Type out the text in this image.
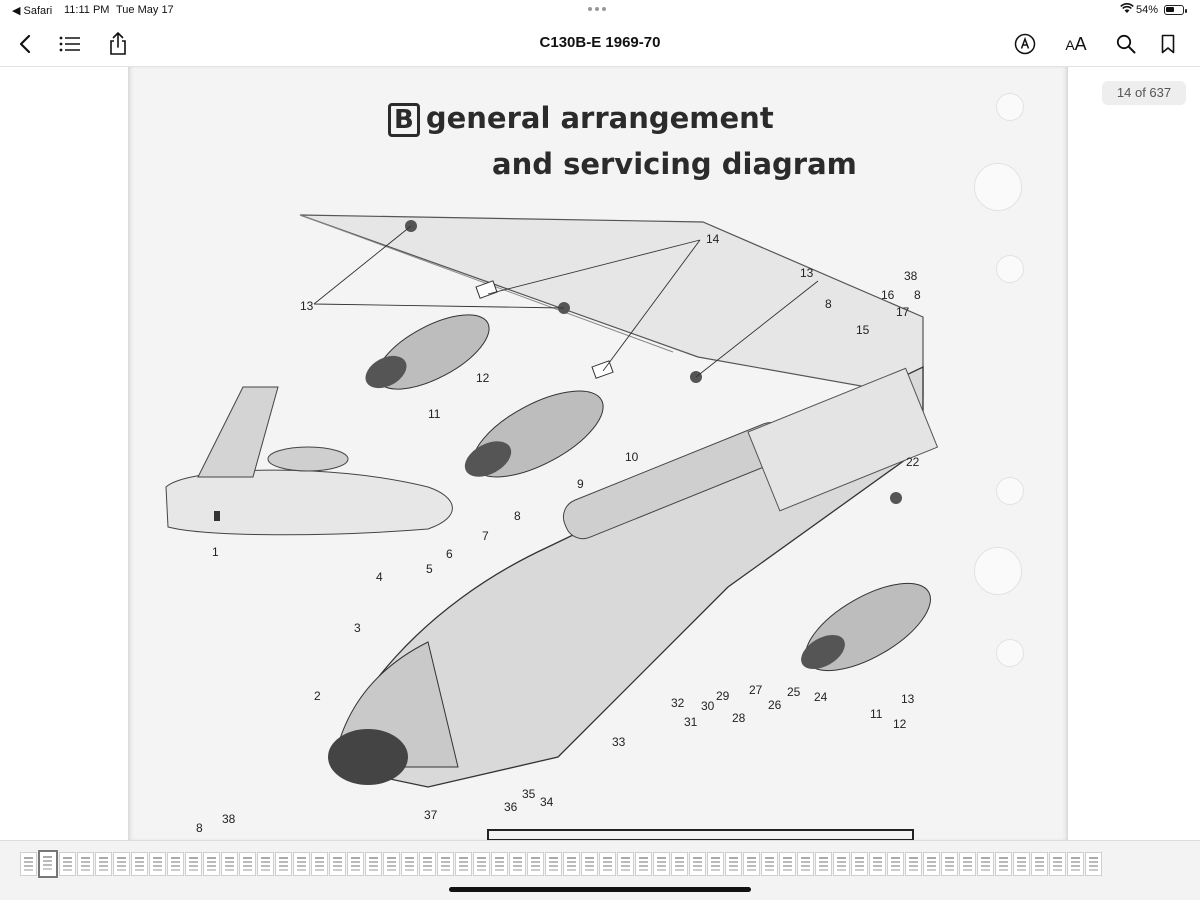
◀ Safari 11:11 PM Tue May 17	54%
C130B-E 1969-70	AA
B general arrangement
and servicing diagram
1
2
3
4
5
6
7
8
9
10
11
12
13
13
14
15
16
17
38
8
22
8
11
12
13
24
25
26
27
28
29
30
31
32
33
34
35
36
37
8
38
14 of 637
